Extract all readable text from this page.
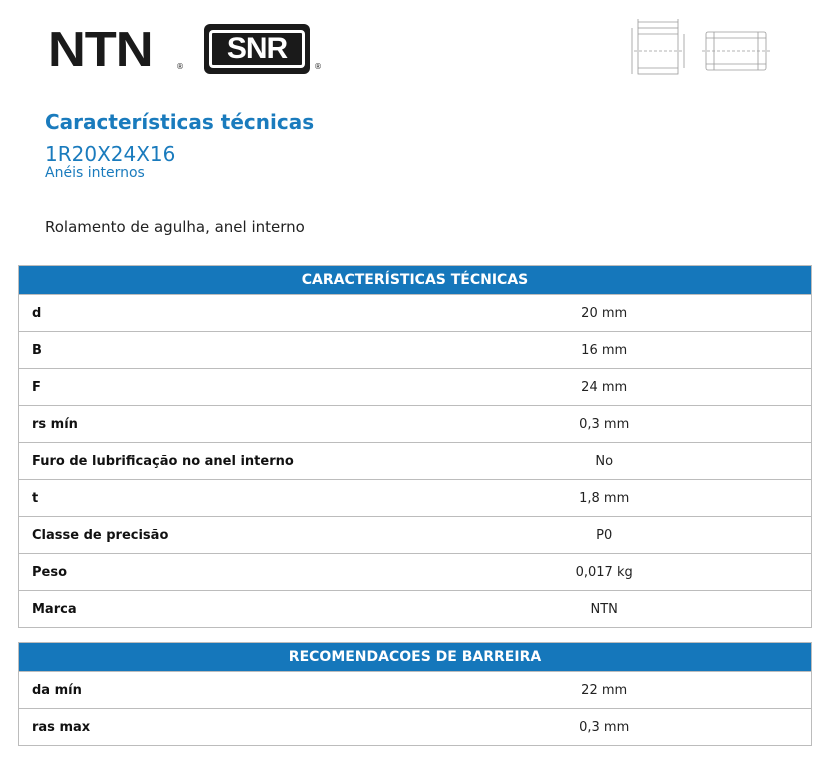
NTN	®
SNR
®
Características técnicas
1R20X24X16
Anéis internos
Rolamento de agulha, anel interno
CARACTERÍSTICAS TÉCNICAS
d	20 mm
B	16 mm
F	24 mm
rs mín	0,3 mm
Furo de lubrificação no anel interno	No
t	1,8 mm
Classe de precisão	P0
Peso	0,017 kg
Marca	NTN
RECOMENDACOES DE BARREIRA
da mín	22 mm
ras max	0,3 mm
